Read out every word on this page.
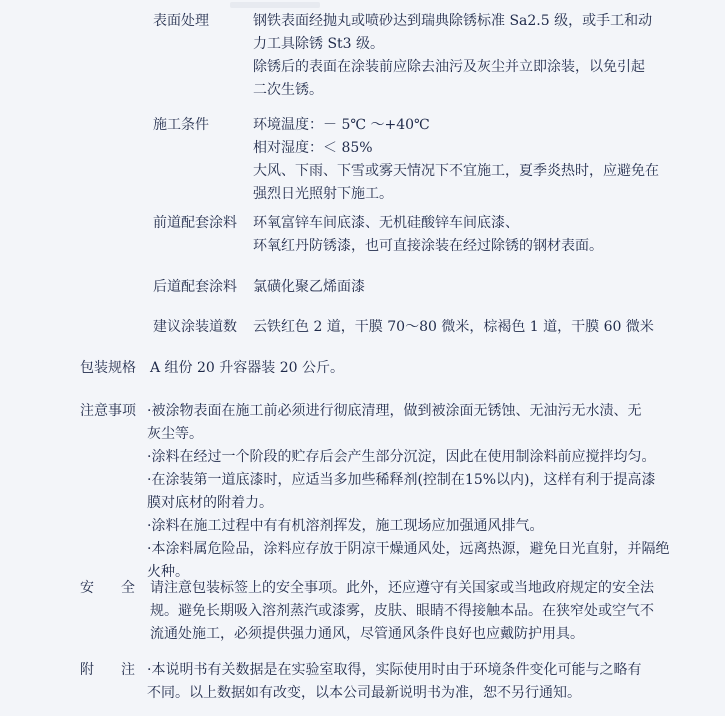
表面处理	钢铁表面经抛丸或喷砂达到瑞典除锈标准 Sa2.5 级，或手工和动
力工具除锈 St3 级。
除锈后的表面在涂装前应除去油污及灰尘并立即涂装，以免引起
二次生锈。
施工条件	环境温度：－ 5℃ ～+40℃
相对湿度：＜ 85%
大风、下雨、下雪或雾天情况下不宜施工，夏季炎热时，应避免在
强烈日光照射下施工。
前道配套涂料 环氧富锌车间底漆、无机硅酸锌车间底漆、
环氧红丹防锈漆，也可直接涂装在经过除锈的钢材表面。
后道配套涂料 氯磺化聚乙烯面漆
建议涂装道数 云铁红色 2 道，干膜 70～80 微米，棕褐色 1 道，干膜 60 微米
包装规格 A 组份 20 升容器装 20 公斤。
注意事项 ·被涂物表面在施工前必须进行彻底清理，做到被涂面无锈蚀、无油污无水渍、无
灰尘等。
·涂料在经过一个阶段的贮存后会产生部分沉淀，因此在使用制涂料前应搅拌均匀。
·在涂装第一道底漆时，应适当多加些稀释剂(控制在15%以内)，这样有利于提高漆
膜对底材的附着力。
·涂料在施工过程中有有机溶剂挥发，施工现场应加强通风排气。
·本涂料属危险品，涂料应存放于阴凉干燥通风处，远离热源，避免日光直射，并隔绝
火种。
安 全 请注意包装标签上的安全事项。此外，还应遵守有关国家或当地政府规定的安全法
规。避免长期吸入溶剂蒸汽或漆雾，皮肤、眼睛不得接触本品。在狭窄处或空气不
流通处施工，必须提供强力通风，尽管通风条件良好也应戴防护用具。
附 注 ·本说明书有关数据是在实验室取得，实际使用时由于环境条件变化可能与之略有
不同。以上数据如有改变，以本公司最新说明书为准，恕不另行通知。
